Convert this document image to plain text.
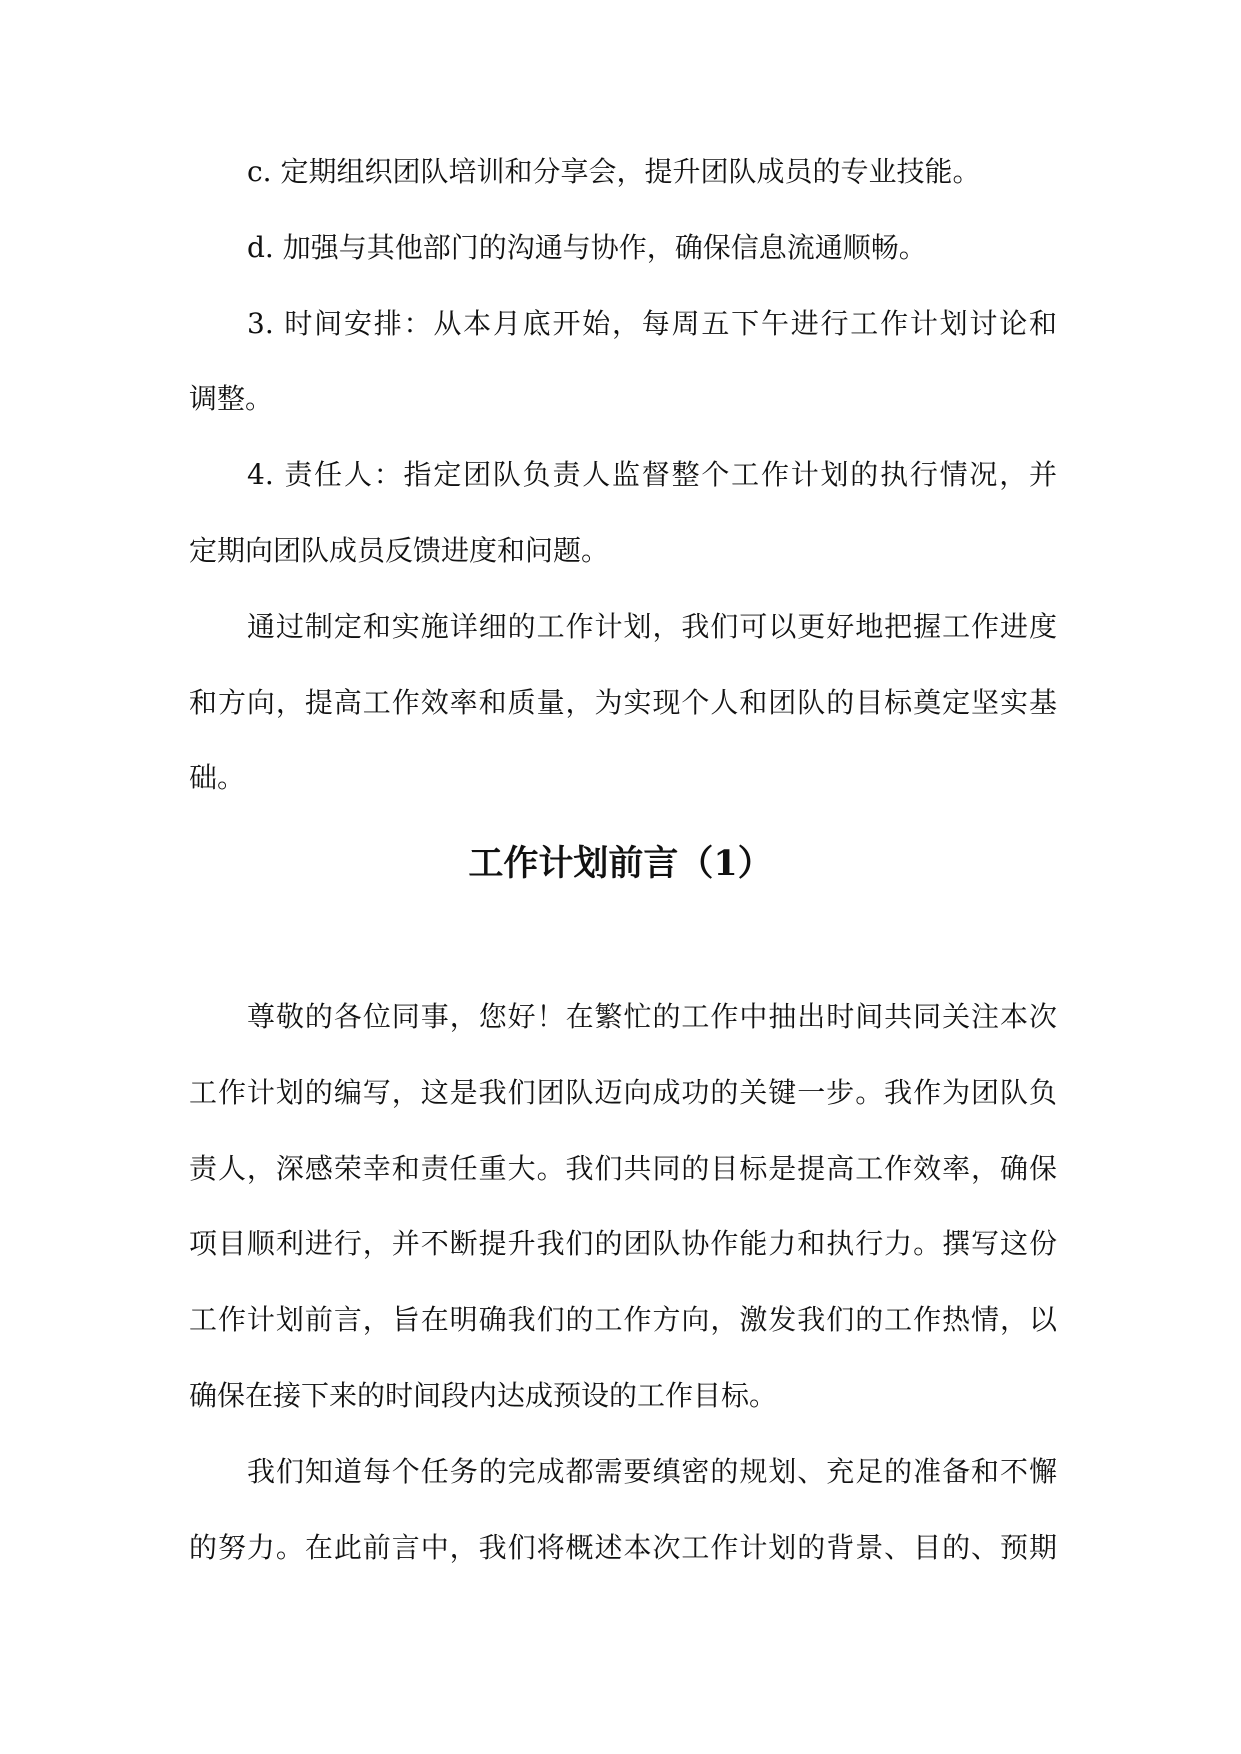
c. 定期组织团队培训和分享会，提升团队成员的专业技能。
d. 加强与其他部门的沟通与协作，确保信息流通顺畅。
3. 时间安排：从本月底开始，每周五下午进行工作计划讨论和
调整。
4. 责任人：指定团队负责人监督整个工作计划的执行情况，并
定期向团队成员反馈进度和问题。
通过制定和实施详细的工作计划，我们可以更好地把握工作进度
和方向，提高工作效率和质量，为实现个人和团队的目标奠定坚实基
础。
工作计划前言（1）
尊敬的各位同事，您好！在繁忙的工作中抽出时间共同关注本次
工作计划的编写，这是我们团队迈向成功的关键一步。我作为团队负
责人，深感荣幸和责任重大。我们共同的目标是提高工作效率，确保
项目顺利进行，并不断提升我们的团队协作能力和执行力。撰写这份
工作计划前言，旨在明确我们的工作方向，激发我们的工作热情，以
确保在接下来的时间段内达成预设的工作目标。
我们知道每个任务的完成都需要缜密的规划、充足的准备和不懈
的努力。在此前言中，我们将概述本次工作计划的背景、目的、预期
